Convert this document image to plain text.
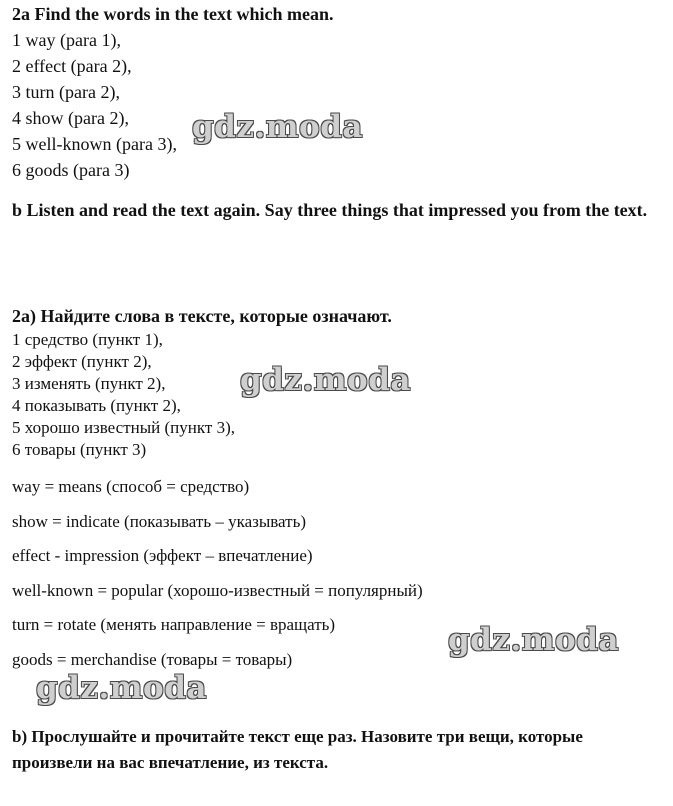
2a Find the words in the text which mean.

1 way (para 1),

2 effect (para 2),

3 turn (para 2),

4 show (para 2),

5 well-known (para 3),

6 goods (para 3)

b Listen and read the text again. Say three things that impressed you from the text.

2a) Найдите слова в тексте, которые означают.

1 средство (пункт 1),

2 эффект (пункт 2),

3 изменять (пункт 2),

4 показывать (пункт 2),

5 хорошо известный (пункт 3),

6 товары (пункт 3)

way = means (способ = средство)

show = indicate (показывать – указывать)

effect - impression (эффект – впечатление)

well-known = popular (хорошо-известный = популярный)

turn = rotate (менять направление = вращать)

goods = merchandise (товары = товары)

b) Прослушайте и прочитайте текст еще раз. Назовите три вещи, которые произвели на вас впечатление, из текста.

gdz.moda

gdz.moda

gdz.moda

gdz.moda
